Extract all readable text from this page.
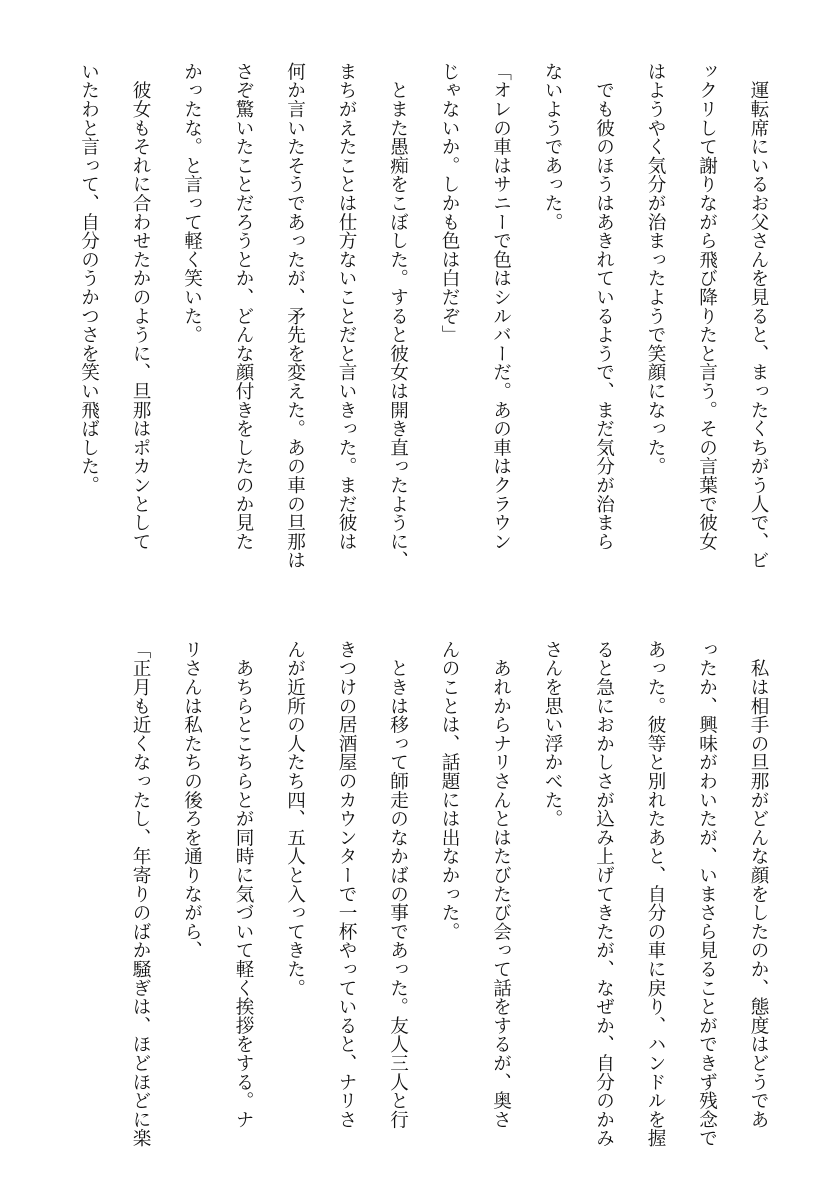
　運転席にいるお父さんを見ると、まったくちがう人で、ビ
ックリして謝りながら飛び降りたと言う。その言葉で彼女
はようやく気分が治まったようで笑顔になった。
　でも彼のほうはあきれているようで、まだ気分が治まら
ないようであった。
「オレの車はサニーで色はシルバーだ。あの車はクラウン
じゃないか。しかも色は白だぞ」
　とまた愚痴をこぼした。すると彼女は開き直ったように、
まちがえたことは仕方ないことだと言いきった。まだ彼は
何か言いたそうであったが、矛先を変えた。あの車の旦那は
さぞ驚いたことだろうとか、どんな顔付きをしたのか見た
かったな。と言って軽く笑いた。
　彼女もそれに合わせたかのように、旦那はポカンとして
いたわと言って、自分のうかつさを笑い飛ばした。
　私は相手の旦那がどんな顔をしたのか、態度はどうであ
ったか、興味がわいたが、いまさら見ることができず残念で
あった。彼等と別れたあと、自分の車に戻り、ハンドルを握
ると急におかしさが込み上げてきたが、なぜか、自分のかみ
さんを思い浮かべた。
　あれからナリさんとはたびたび会って話をするが、奥さ
んのことは、話題には出なかった。
　ときは移って師走のなかばの事であった。友人三人と行
きつけの居酒屋のカウンターで一杯やっていると、ナリさ
んが近所の人たち四、五人と入ってきた。
　あちらとこちらとが同時に気づいて軽く挨拶をする。ナ
リさんは私たちの後ろを通りながら、
「正月も近くなったし、年寄りのばか騒ぎは、ほどほどに楽
